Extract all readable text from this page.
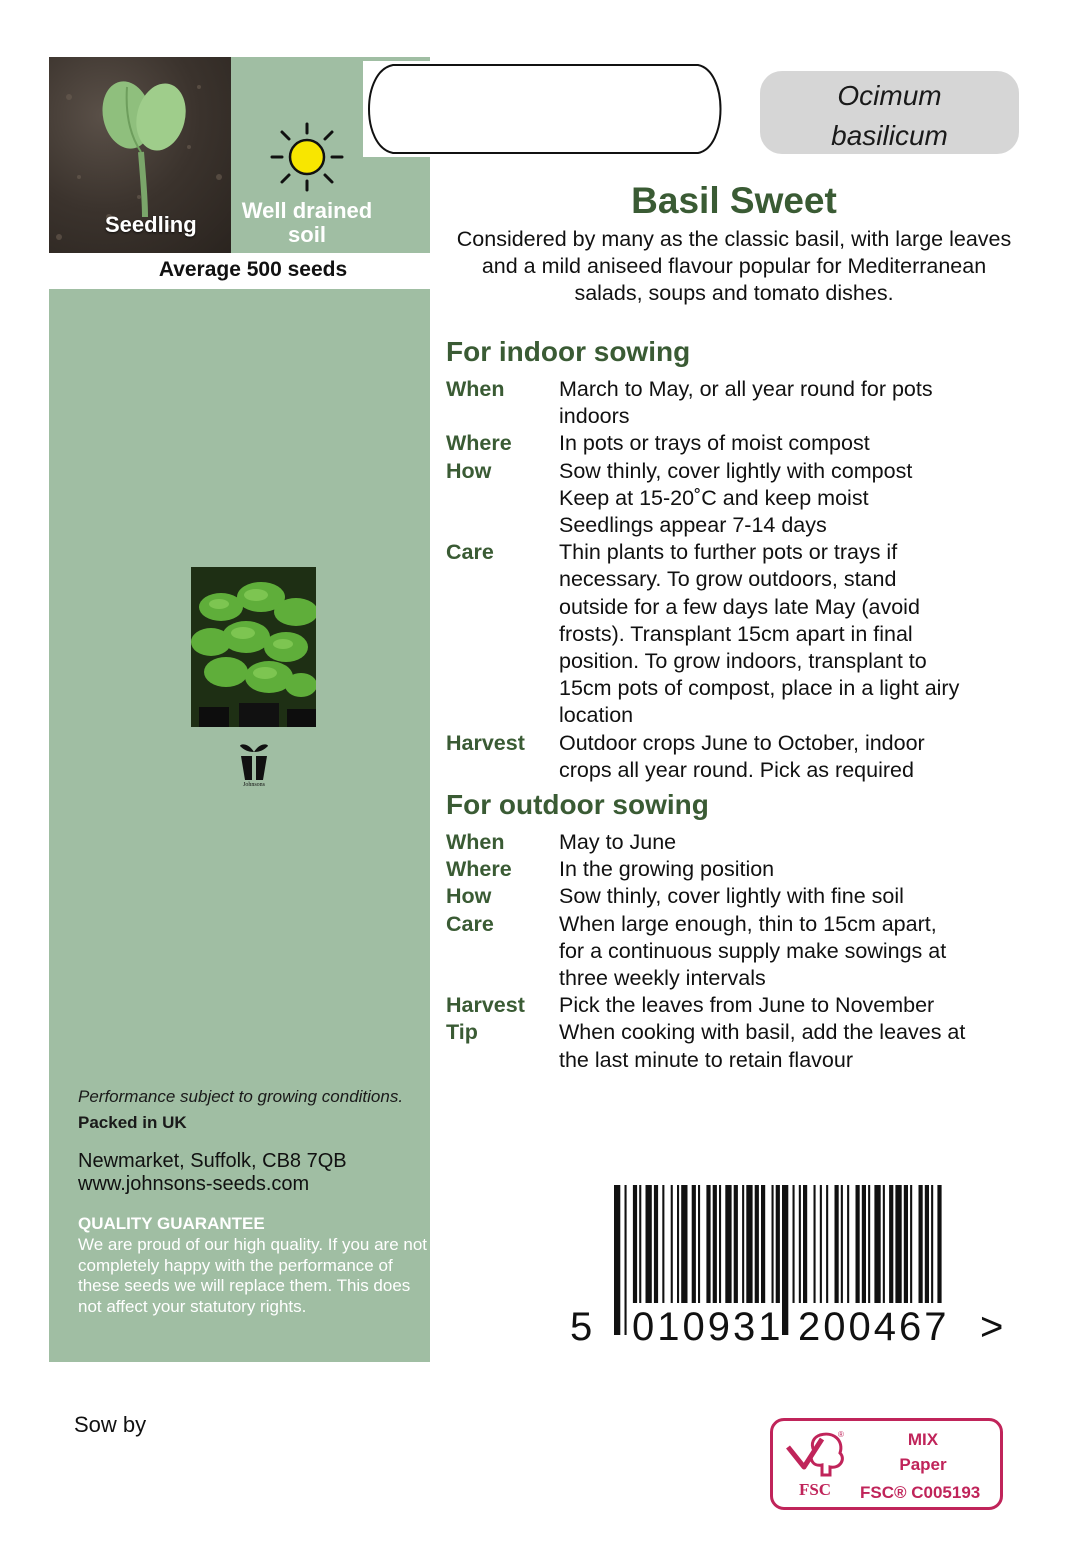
Seedling
Well drained soil
Average 500 seeds
Johnsons
Performance subject to growing conditions.
Packed in UK
Newmarket, Suffolk, CB8 7QB
www.johnsons-seeds.com
QUALITY GUARANTEE
We are proud of our high quality. If you are not completely happy with the performance of these seeds we will replace them. This does not affect your statutory rights.
Ocimum basilicum
Basil Sweet
Considered by many as the classic basil, with large leaves and a mild aniseed flavour popular for Mediterranean salads, soups and tomato dishes.
For indoor sowing
When	March to May, or all year round for pots
indoors
Where In pots or trays of moist compost
How	Sow thinly, cover lightly with compost
Keep at 15-20˚C and keep moist
Seedlings appear 7-14 days
Care	Thin plants to further pots or trays if
necessary. To grow outdoors, stand
outside for a few days late May (avoid
frosts). Transplant 15cm apart in final
position. To grow indoors, transplant to
15cm pots of compost, place in a light airy
location
Harvest Outdoor crops June to October, indoor
crops all year round. Pick as required
For outdoor sowing
When	May to June
Where In the growing position
How	Sow thinly, cover lightly with fine soil
Care	When large enough, thin to 15cm apart,
for a continuous supply make sowings at
three weekly intervals
Harvest Pick the leaves from June to November
Tip	When cooking with basil, add the leaves at
the last minute to retain flavour
5 010931 200467 >
Sow by	®
FSC
MIX
Paper
FSC® C005193
